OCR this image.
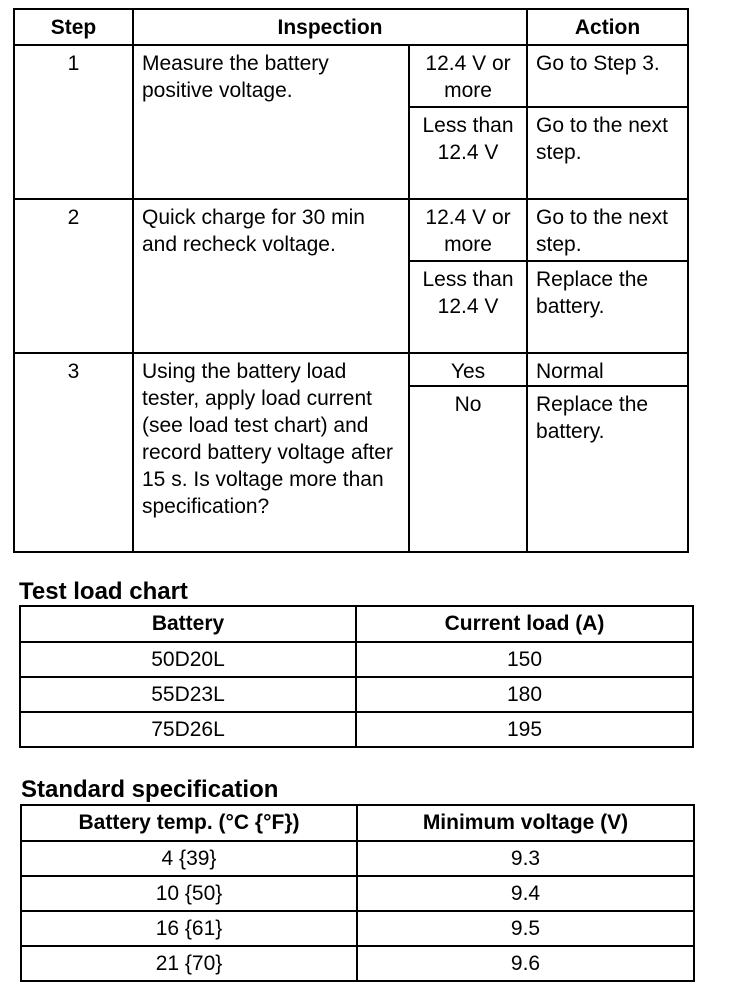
Step	Inspection		Action
1	Measure the battery positive voltage.	12.4 V or more	Go to Step 3.
		Less than 12.4 V	Go to the next step.
2	Quick charge for 30 min and recheck voltage.	12.4 V or more	Go to the next step.
		Less than 12.4 V	Replace the battery.
3	Using the battery load tester, apply load current (see load test chart) and record battery voltage after 15 s. Is voltage more than specification?	Yes	Normal
		No	Replace the battery.
Test load chart
Battery	Current load (A)
50D20L	150
55D23L	180
75D26L	195
Standard specification
Battery temp. (°C {°F})	Minimum voltage (V)
4 {39}	9.3
10 {50}	9.4
16 {61}	9.5
21 {70}	9.6
